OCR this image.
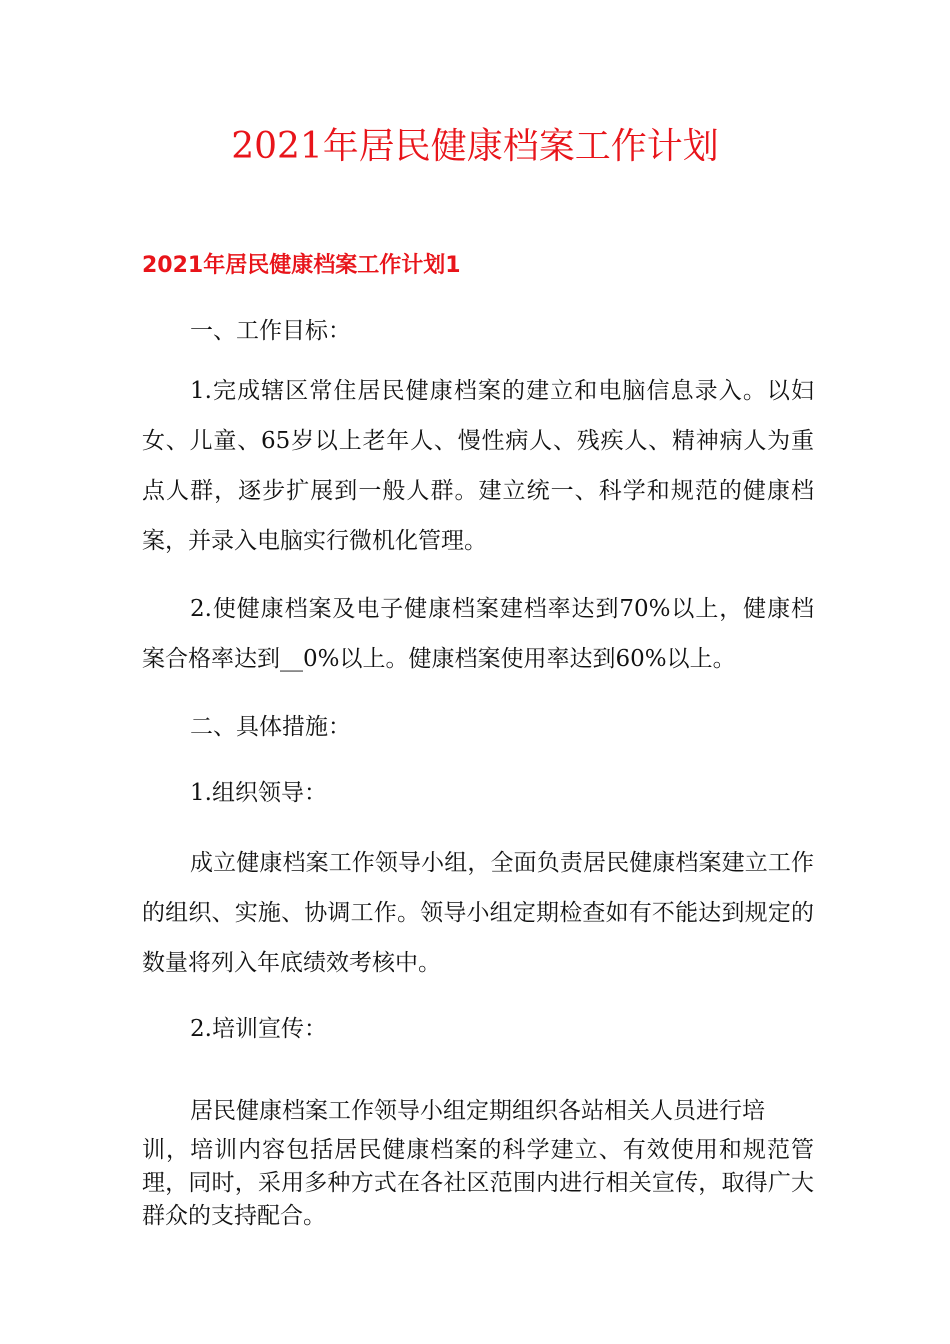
2021年居民健康档案工作计划
2021年居民健康档案工作计划1

一、工作目标：

1.完成辖区常住居民健康档案的建立和电脑信息录入。以妇女、儿童、65岁以上老年人、慢性病人、残疾人、精神病人为重点人群，逐步扩展到一般人群。建立统一、科学和规范的健康档案，并录入电脑实行微机化管理。

2.使健康档案及电子健康档案建档率达到70%以上，健康档案合格率达到__0%以上。健康档案使用率达到60%以上。

二、具体措施：

1.组织领导：

成立健康档案工作领导小组，全面负责居民健康档案建立工作的组织、实施、协调工作。领导小组定期检查如有不能达到规定的数量将列入年底绩效考核中。

2.培训宣传：

居民健康档案工作领导小组定期组织各站相关人员进行培

训，培训内容包括居民健康档案的科学建立、有效使用和规范管理，同时，采用多种方式在各社区范围内进行相关宣传，取得广大群众的支持配合。
